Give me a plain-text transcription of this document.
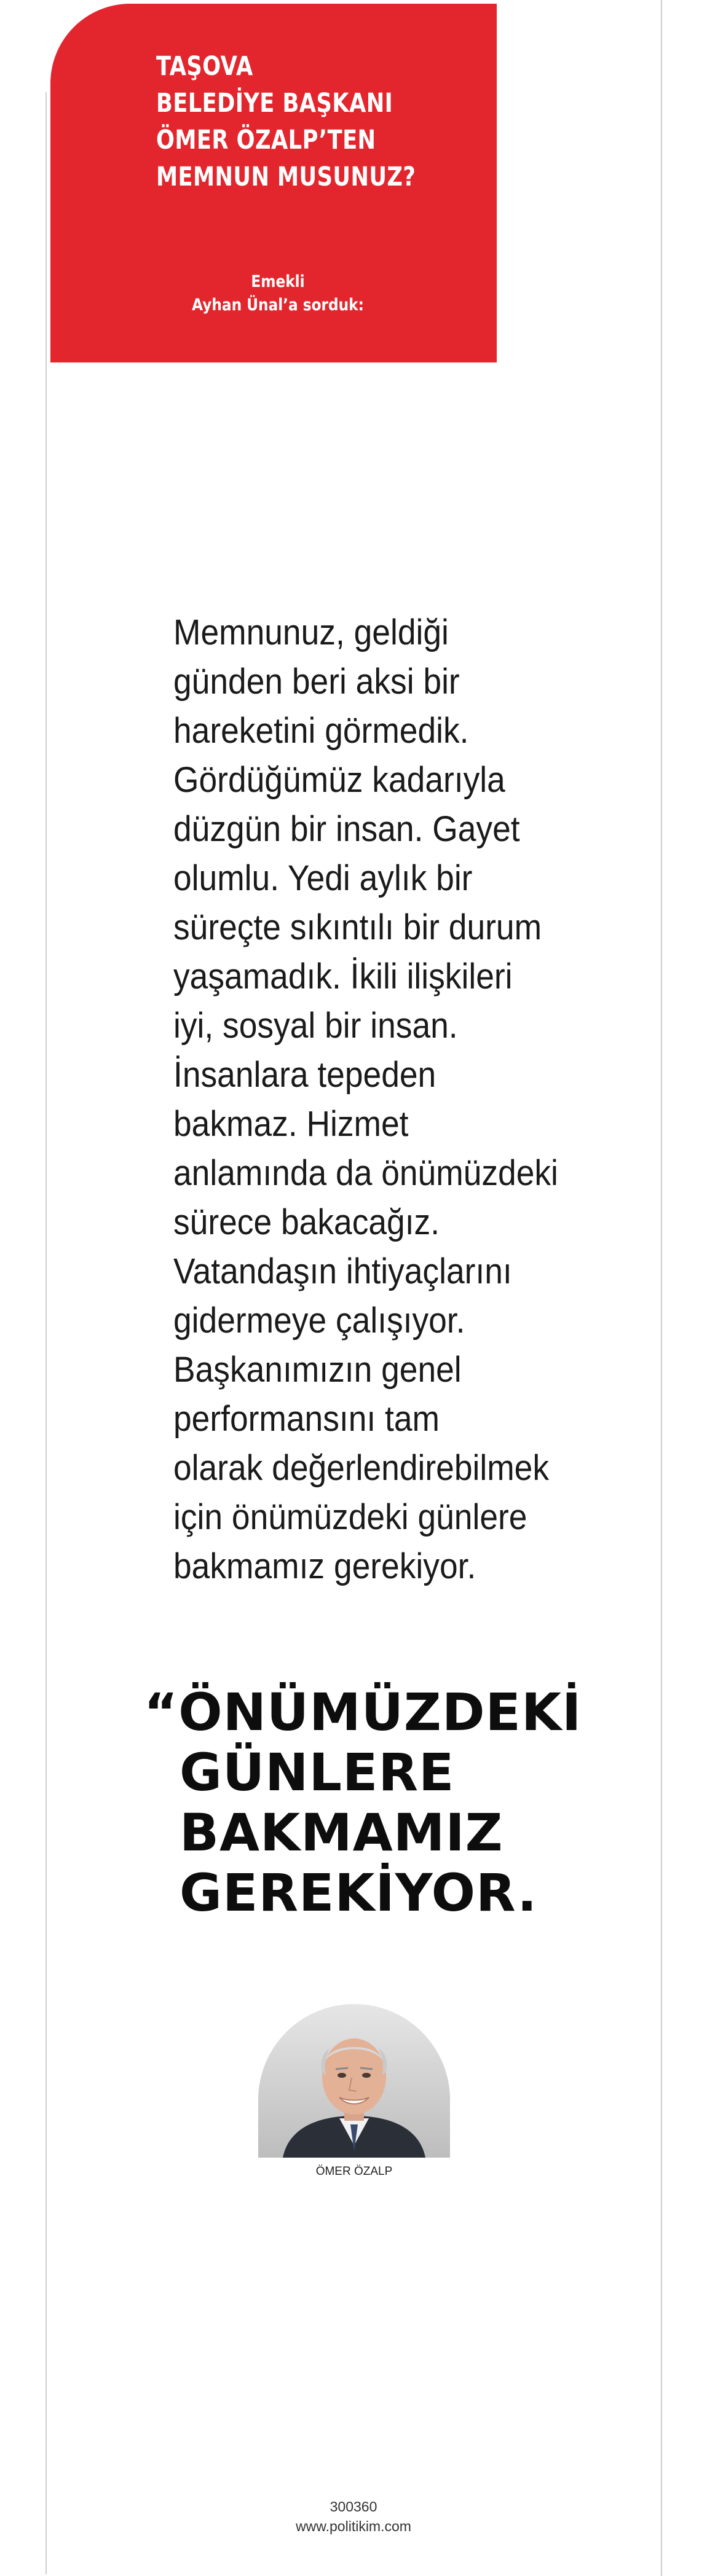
TAŞOVA
BELEDİYE BAŞKANI
ÖMER ÖZALP’TEN
MEMNUN MUSUNUZ?
Emekli
Ayhan Ünal’a sorduk:

Memnunuz, geldiği
günden beri aksi bir
hareketini görmedik.
Gördüğümüz kadarıyla
düzgün bir insan. Gayet
olumlu. Yedi aylık bir
süreçte sıkıntılı bir durum
yaşamadık. İkili ilişkileri
iyi, sosyal bir insan.
İnsanlara tepeden
bakmaz. Hizmet
anlamında da önümüzdeki
sürece bakacağız.
Vatandaşın ihtiyaçlarını
gidermeye çalışıyor.
Başkanımızın genel
performansını tam
olarak değerlendirebilmek
için önümüzdeki günlere
bakmamız gerekiyor.

“ÖNÜMÜZDEKİ
GÜNLERE
BAKMAMIZ
GEREKİYOR.
ÖMER ÖZALP
300360
www.politikim.com
